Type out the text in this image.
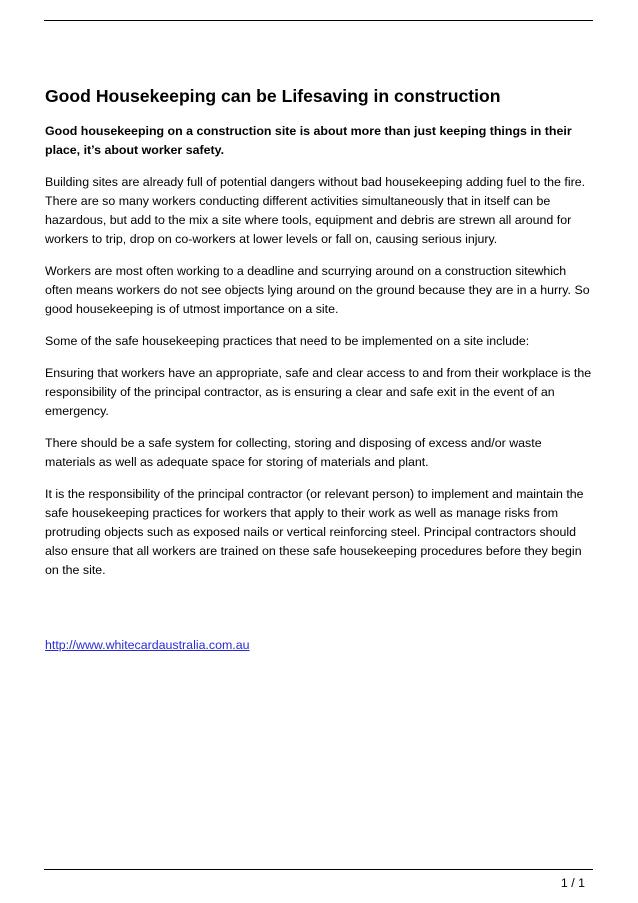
Good Housekeeping can be Lifesaving in construction

Good housekeeping on a construction site is about more than just keeping things in their place, it’s about worker safety.

Building sites are already full of potential dangers without bad housekeeping adding fuel to the fire. There are so many workers conducting different activities simultaneously that in itself can be hazardous, but add to the mix a site where tools, equipment and debris are strewn all around for workers to trip, drop on co-workers at lower levels or fall on, causing serious injury.

Workers are most often working to a deadline and scurrying around on a construction sitewhich often means workers do not see objects lying around on the ground because they are in a hurry. So good housekeeping is of utmost importance on a site.

Some of the safe housekeeping practices that need to be implemented on a site include:

Ensuring that workers have an appropriate, safe and clear access to and from their workplace is the responsibility of the principal contractor, as is ensuring a clear and safe exit in the event of an emergency.

There should be a safe system for collecting, storing and disposing of excess and/or waste materials as well as adequate space for storing of materials and plant.

It is the responsibility of the principal contractor (or relevant person) to implement and maintain the safe housekeeping practices for workers that apply to their work as well as manage risks from protruding objects such as exposed nails or vertical reinforcing steel. Principal contractors should also ensure that all workers are trained on these safe housekeeping procedures before they begin on the site.

http://www.whitecardaustralia.com.au
1 / 1
